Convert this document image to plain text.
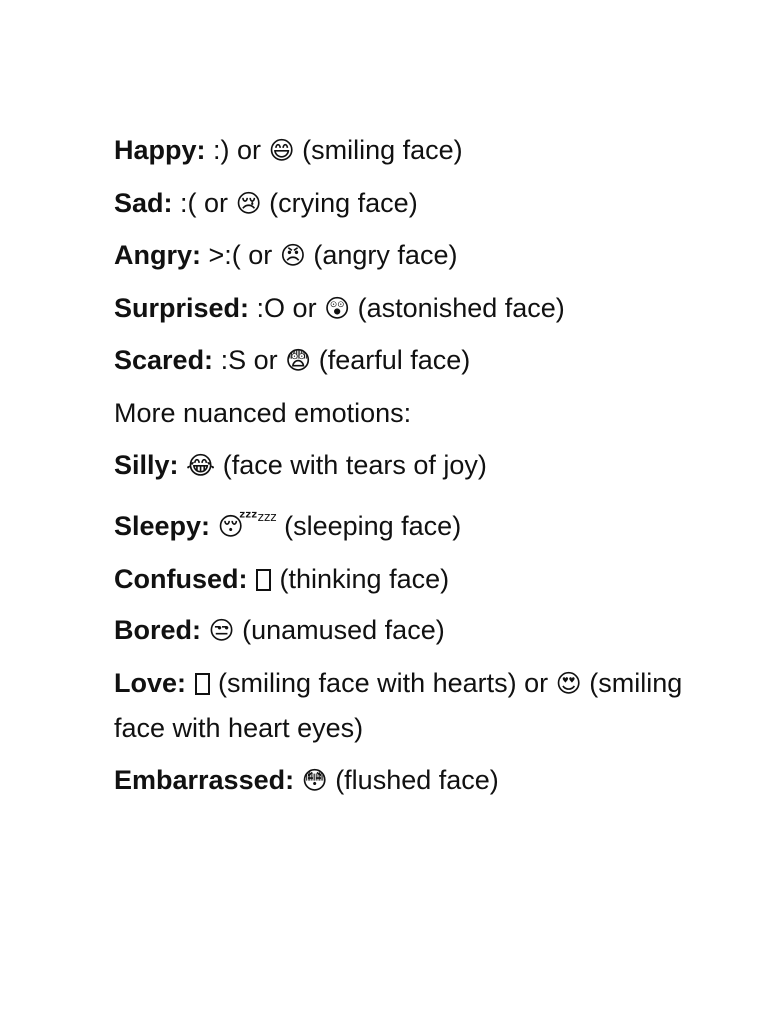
Happy: :) or 😄 (smiling face)
Sad: :( or 😢 (crying face)
Angry: >:( or 😠 (angry face)
Surprised: :O or 😲 (astonished face)
Scared: :S or 😨 (fearful face)
More nuanced emotions:
Silly: 😂 (face with tears of joy)
Sleepy: 😴$^{zzz}$ (sleeping face)
Confused: (thinking face)
Bored: 😒 (unamused face)
Love: (smiling face with hearts) or 😍 (smiling face with heart eyes)
Embarrassed: 😳 (flushed face)
